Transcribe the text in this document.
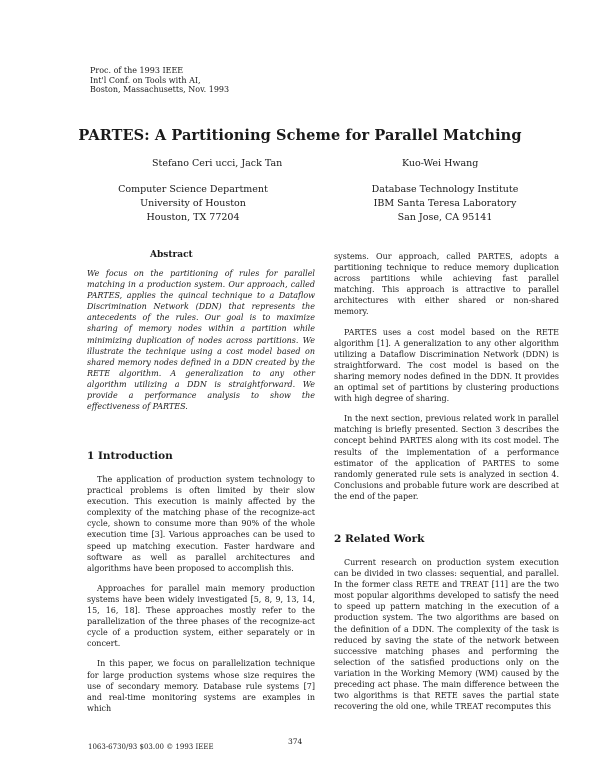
Proc. of the 1993 IEEE
Int'l Conf. on Tools with AI,
Boston, Massachusetts, Nov. 1993
PARTES: A Partitioning Scheme for Parallel Matching
Stefano Ceri ucci, Jack Tan	Kuo-Wei Hwang
Computer Science Department
University of Houston
Houston, TX 77204
Database Technology Institute
IBM Santa Teresa Laboratory
San Jose, CA 95141
Abstract

We focus on the partitioning of rules for parallel matching in a production system. Our approach, called PARTES, applies the quincal technique to a Dataflow Discrimination Network (DDN) that represents the antecedents of the rules. Our goal is to maximize sharing of memory nodes within a partition while minimizing duplication of nodes across partitions. We illustrate the technique using a cost model based on shared memory nodes defined in a DDN created by the RETE algorithm. A generalization to any other algorithm utilizing a DDN is straightforward. We provide a performance analysis to show the effectiveness of PARTES.

1 Introduction

The application of production system technology to practical problems is often limited by their slow execution. This execution is mainly affected by the complexity of the matching phase of the recognize-act cycle, shown to consume more than 90% of the whole execution time [3]. Various approaches can be used to speed up matching execution. Faster hardware and software as well as parallel architectures and algorithms have been proposed to accomplish this.

Approaches for parallel main memory production systems have been widely investigated [5, 8, 9, 13, 14, 15, 16, 18]. These approaches mostly refer to the parallelization of the three phases of the recognize-act cycle of a production system, either separately or in concert.

In this paper, we focus on parallelization technique for large production systems whose size requires the use of secondary memory. Database rule systems [7] and real-time monitoring systems are examples in which

systems. Our approach, called PARTES, adopts a partitioning technique to reduce memory duplication across partitions while achieving fast parallel matching. This approach is attractive to parallel architectures with either shared or non-shared memory.

PARTES uses a cost model based on the RETE algorithm [1]. A generalization to any other algorithm utilizing a Dataflow Discrimination Network (DDN) is straightforward. The cost model is based on the sharing memory nodes defined in the DDN. It provides an optimal set of partitions by clustering productions with high degree of sharing.

In the next section, previous related work in parallel matching is briefly presented. Section 3 describes the concept behind PARTES along with its cost model. The results of the implementation of a performance estimator of the application of PARTES to some randomly generated rule sets is analyzed in section 4. Conclusions and probable future work are described at the end of the paper.

2 Related Work

Current research on production system execution can be divided in two classes: sequential, and parallel. In the former class RETE and TREAT [11] are the two most popular algorithms developed to satisfy the need to speed up pattern matching in the execution of a production system. The two algorithms are based on the definition of a DDN. The complexity of the task is reduced by saving the state of the network between successive matching phases and performing the selection of the satisfied productions only on the variation in the Working Memory (WM) caused by the preceding act phase. The main difference between the two algorithms is that RETE saves the partial state recovering the old one, while TREAT recomputes this

374
1063-6730/93 $03.00 © 1993 IEEE
